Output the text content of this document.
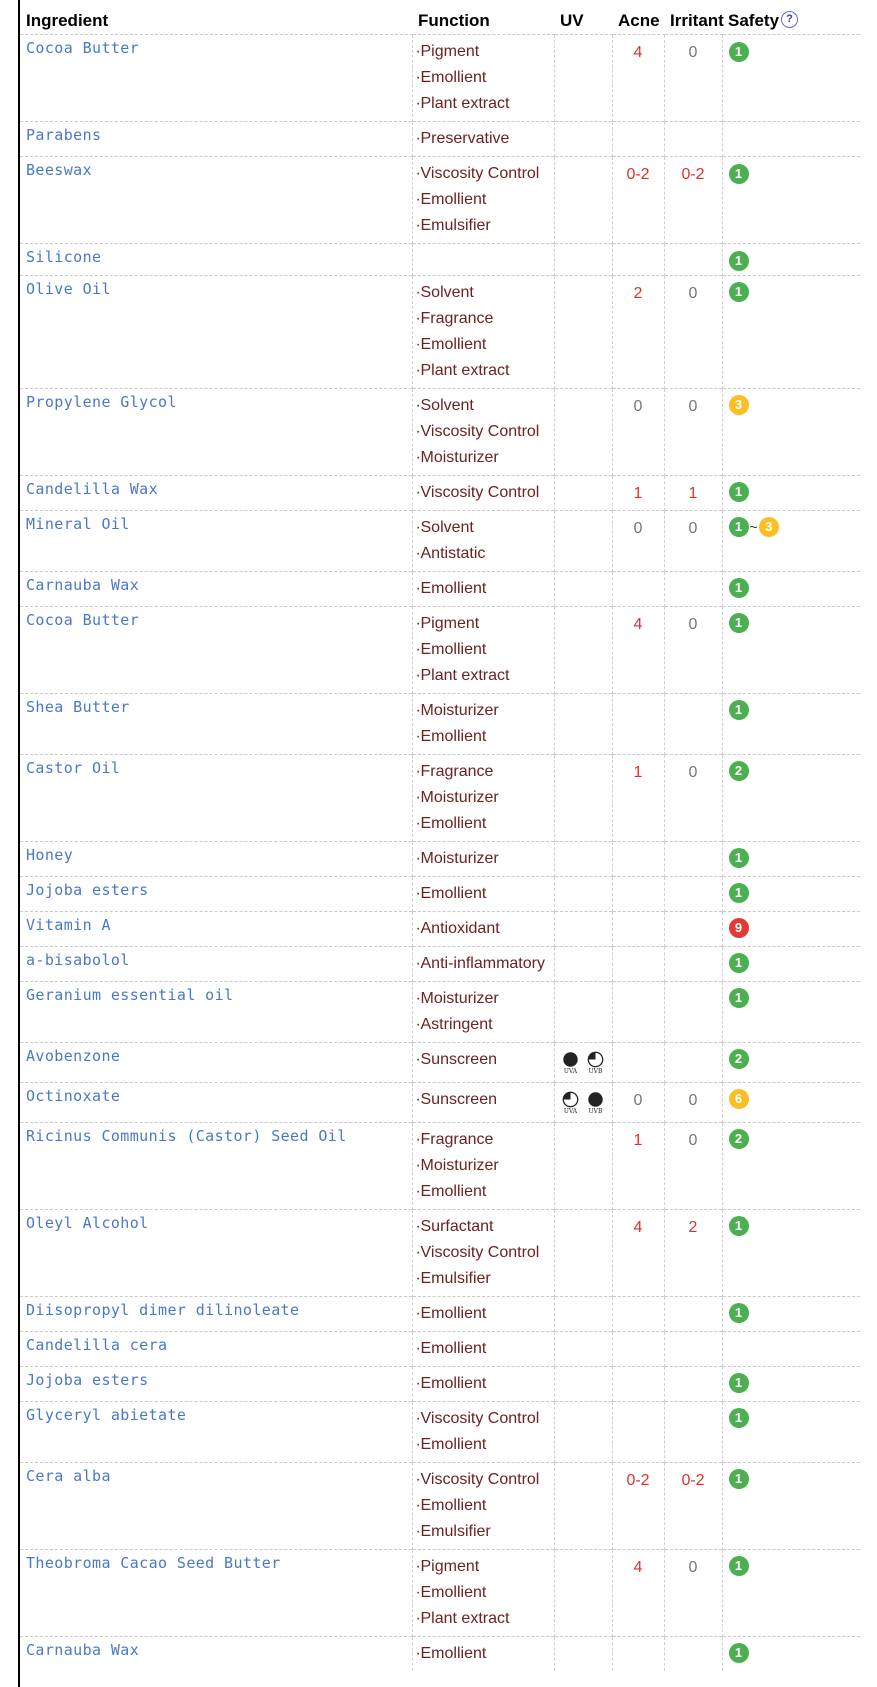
Ingredient	Function	UV	Acne	Irritant	Safety ?
Cocoa Butter	· Pigment
· Emollient
· Plant extract		4	0	1
Parabens	· Preservative

Beeswax	· Viscosity Control
· Emollient
· Emulsifier		0-2	0-2	1
Silicone					1
Olive Oil	· Solvent
· Fragrance
· Emollient
· Plant extract		2	0	1
Propylene Glycol	· Solvent
· Viscosity Control
· Moisturizer		0	0	3
Candelilla Wax	· Viscosity Control		1	1	1
Mineral Oil	· Solvent
· Antistatic		0	0	1 ~ 3
Carnauba Wax	· Emollient				1
Cocoa Butter	· Pigment
· Emollient
· Plant extract		4	0	1
Shea Butter	· Moisturizer
· Emollient				1
Castor Oil	· Fragrance
· Moisturizer
· Emollient		1	0	2
Honey	· Moisturizer				1
Jojoba esters	· Emollient				1
Vitamin A	· Antioxidant				9
a-bisabolol	· Anti-inflammatory				1
Geranium essential oil	· Moisturizer
· Astringent				1
Avobenzone	· Sunscreen	UVA UVB			2
Octinoxate	· Sunscreen	UVA UVB	0	0	6
Ricinus Communis (Castor) Seed Oil	· Fragrance
· Moisturizer
· Emollient		1	0	2
Oleyl Alcohol	· Surfactant
· Viscosity Control
· Emulsifier		4	2	1
Diisopropyl dimer dilinoleate	· Emollient				1
Candelilla cera	· Emollient

Jojoba esters	· Emollient				1
Glyceryl abietate	· Viscosity Control
· Emollient				1
Cera alba	· Viscosity Control
· Emollient
· Emulsifier		0-2	0-2	1
Theobroma Cacao Seed Butter	· Pigment
· Emollient
· Plant extract		4	0	1
Carnauba Wax	· Emollient				1
